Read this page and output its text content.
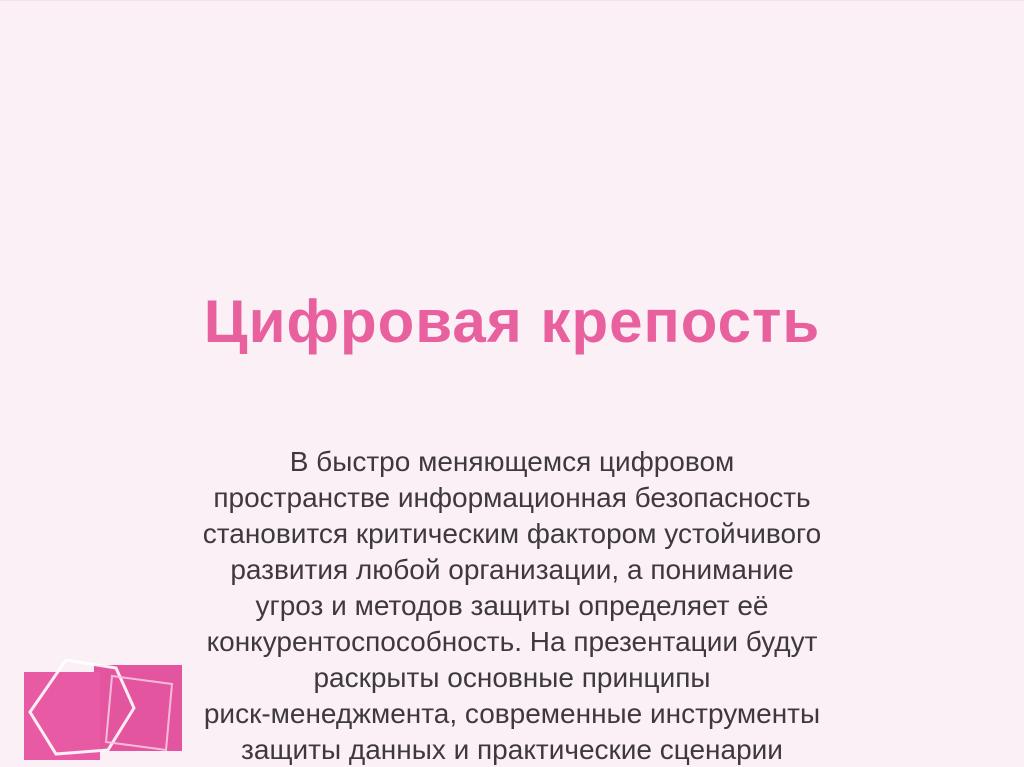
Цифровая крепость
В быстро меняющемся цифровом
пространстве информационная безопасность
становится критическим фактором устойчивого
развития любой организации, а понимание
угроз и методов защиты определяет её
конкурентоспособность. На презентации будут
раскрыты основные принципы
риск-менеджмента, современные инструменты
защиты данных и практические сценарии
